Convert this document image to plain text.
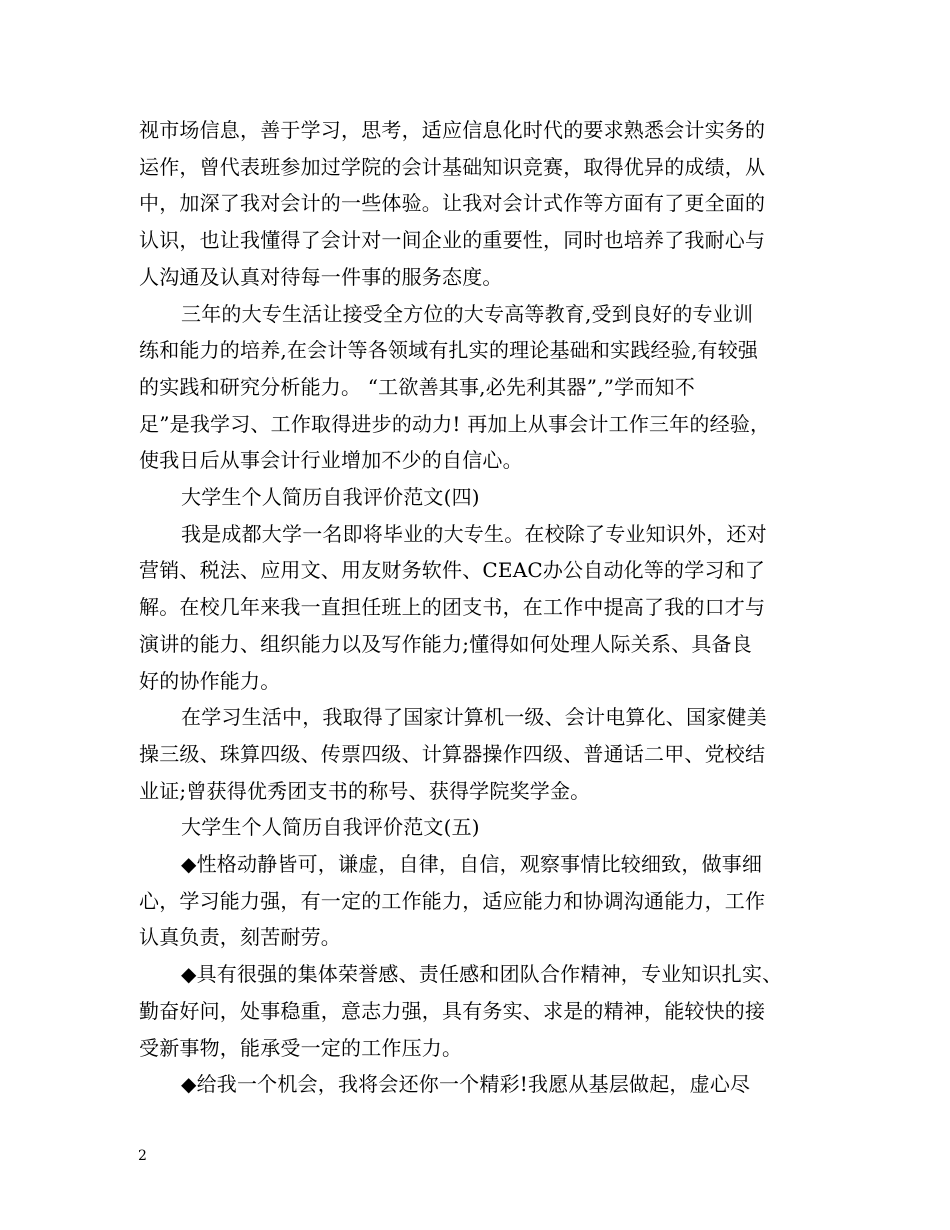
视市场信息，善于学习，思考，适应信息化时代的要求熟悉会计实务的
运作，曾代表班参加过学院的会计基础知识竞赛，取得优异的成绩，从
中，加深了我对会计的一些体验。让我对会计式作等方面有了更全面的
认识，也让我懂得了会计对一间企业的重要性，同时也培养了我耐心与
人沟通及认真对待每一件事的服务态度。

三年的大专生活让接受全方位的大专高等教育,受到良好的专业训
练和能力的培养,在会计等各领域有扎实的理论基础和实践经验,有较强
的实践和研究分析能力。 “工欲善其事,必先利其器”,”学而知不
足”是我学习、工作取得进步的动力! 再加上从事会计工作三年的经验，
使我日后从事会计行业增加不少的自信心。

大学生个人简历自我评价范文(四)

我是成都大学一名即将毕业的大专生。在校除了专业知识外，还对
营销、税法、应用文、用友财务软件、CEAC办公自动化等的学习和了
解。在校几年来我一直担任班上的团支书，在工作中提高了我的口才与
演讲的能力、组织能力以及写作能力;懂得如何处理人际关系、具备良
好的协作能力。

在学习生活中，我取得了国家计算机一级、会计电算化、国家健美
操三级、珠算四级、传票四级、计算器操作四级、普通话二甲、党校结
业证;曾获得优秀团支书的称号、获得学院奖学金。

大学生个人简历自我评价范文(五)

◆性格动静皆可，谦虚，自律，自信，观察事情比较细致，做事细
心，学习能力强，有一定的工作能力，适应能力和协调沟通能力，工作
认真负责，刻苦耐劳。

◆具有很强的集体荣誉感、责任感和团队合作精神，专业知识扎实、
勤奋好问，处事稳重，意志力强，具有务实、求是的精神，能较快的接
受新事物，能承受一定的工作压力。

◆给我一个机会，我将会还你一个精彩!我愿从基层做起，虚心尽

2
